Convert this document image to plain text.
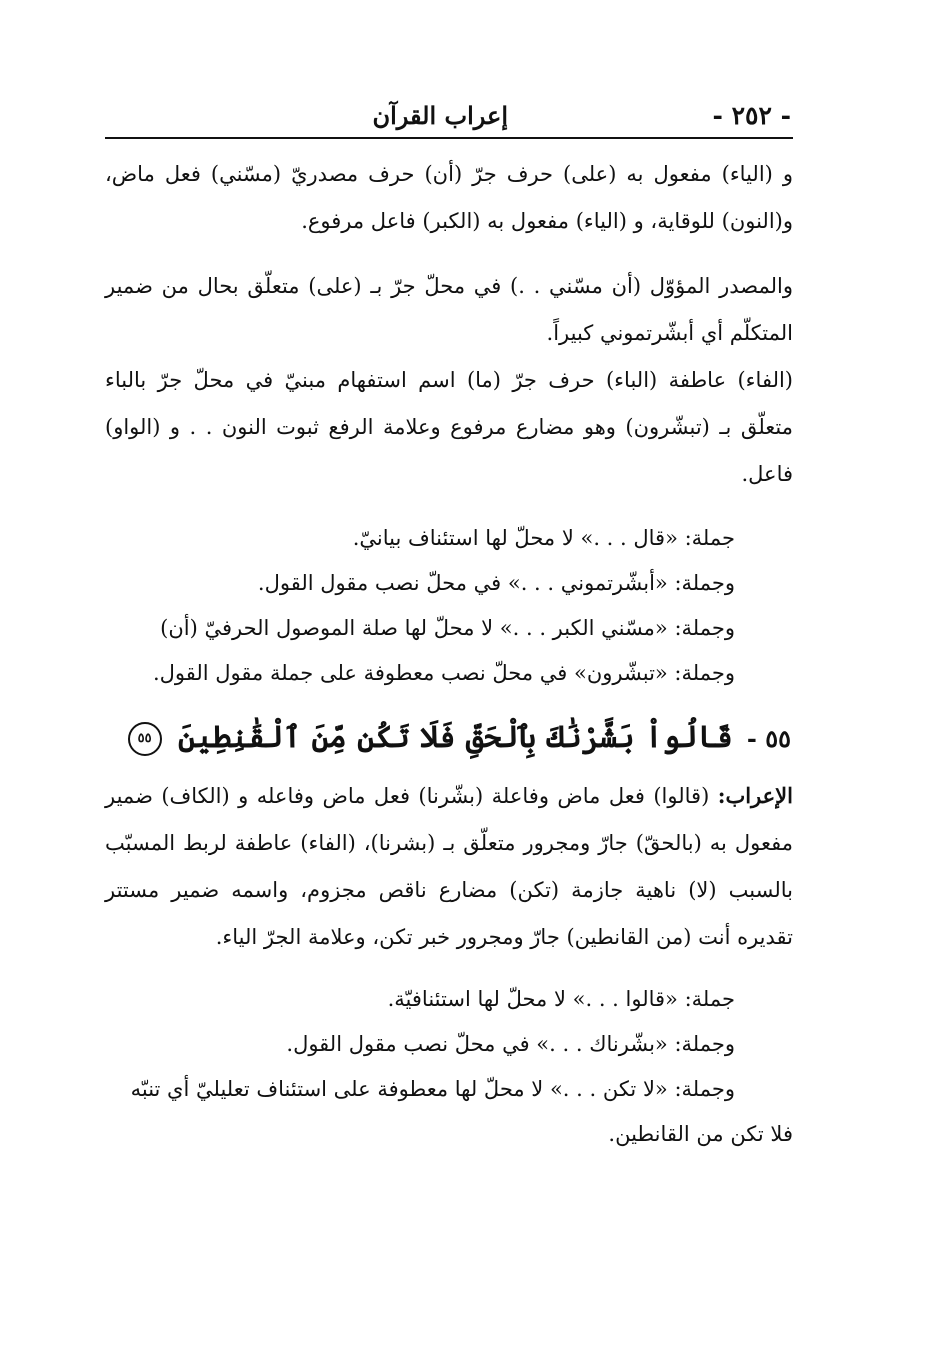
- ٢٥٢ -
إعراب القرآن

و (الياء) مفعول به (على) حرف جرّ (أن) حرف مصدريّ (مسّني) فعل ماض، و(النون) للوقاية، و (الياء) مفعول به (الكبر) فاعل مرفوع.

والمصدر المؤوّل (أن مسّني . .) في محلّ جرّ بـ (على) متعلّق بحال من ضمير المتكلّم أي أبشّرتموني كبيراً.

(الفاء) عاطفة (الباء) حرف جرّ (ما) اسم استفهام مبنيّ في محلّ جرّ بالباء متعلّق بـ (تبشّرون) وهو مضارع مرفوع وعلامة الرفع ثبوت النون . . و (الواو) فاعل.

جملة: «قال . . .» لا محلّ لها استئناف بيانيّ.

وجملة: «أبشّرتموني . . .» في محلّ نصب مقول القول.

وجملة: «مسّني الكبر . . .» لا محلّ لها صلة الموصول الحرفيّ (أن)

وجملة: «تبشّرون» في محلّ نصب معطوفة على جملة مقول القول.

٥٥ -
قَالُواْ بَشَّرْنَٰكَ بِٱلْحَقِّ فَلَا تَكُن مِّنَ ٱلْقَٰنِطِينَ ٥٥

الإعراب: (قالوا) فعل ماض وفاعلة (بشّرنا) فعل ماض وفاعله و (الكاف) ضمير مفعول به (بالحقّ) جارّ ومجرور متعلّق بـ (بشرنا)، (الفاء) عاطفة لربط المسبّب بالسبب (لا) ناهية جازمة (تكن) مضارع ناقص مجزوم، واسمه ضمير مستتر تقديره أنت (من القانطين) جارّ ومجرور خبر تكن، وعلامة الجرّ الياء.

جملة: «قالوا . . .» لا محلّ لها استئنافيّة.

وجملة: «بشّرناك . . .» في محلّ نصب مقول القول.

وجملة: «لا تكن . . .» لا محلّ لها معطوفة على استئناف تعليليّ أي تنبّه

فلا تكن من القانطين.
